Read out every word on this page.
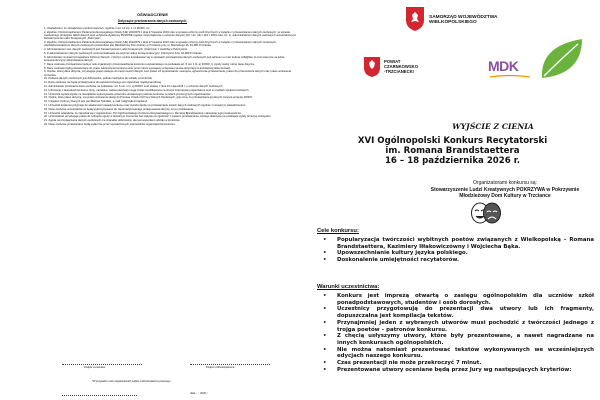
OŚWIADCZENIE
Dotyczące przetwarzania danych osobowych:
1. Oświadczam, że zostałam/em poinformowana/y, zgodnie z art. 13 ust. 1 i 2 RODO, że:
2. Zgodnie z Rozporządzeniem Parlamentu Europejskiego i Rady (UE) 2016/679 z dnia 27 kwietnia 2016 roku w sprawie ochrony osób fizycznych w związku z przetwarzaniem danych osobowych i w sprawie swobodnego przepływu takich danych oraz uchylenia dyrektywy 95/46/WE (ogólne rozporządzenie o ochronie danych) (Dz. Urz. UE L 119 z 2016 roku, str. 1), administratorem danych osobowych uczestników jest Stowarzyszenie Ludzi Kreatywnych „Pokrzywa”.
3. Zgodnie z Rozporządzeniem Parlamentu Europejskiego i Rady (UE) 2016/679 z dnia 27 kwietnia 2016 roku w sprawie ochrony osób fizycznych w związku z przetwarzaniem danych osobowych, współadministratorem danych osobowych uczestników jest Młodzieżowy Dom Kultury w Trzciance przy ul. Sikorskiego 36, 64-980 Trzcianka.
4. Administratorem ww. danych osobowych jest Stowarzyszenie Ludzi Kreatywnych „Pokrzywa” z siedzibą w Pokrzywnie.
5. Z administratorem danych osobowych może kontaktować się poprzez adres korespondencyjny: Pokrzywno 12a, 64-980 Trzcianka.
6. Administrator wyznaczył Inspektora Ochrony Danych, z którym można kontaktować się w sprawach przetwarzania danych osobowych pod adresem e-mail: kultura.mdk@tlen.pl oraz pisemnie na adres korespondencyjny administratora danych.
7. Dane osobowe przetwarzane będą w celu organizacji i przeprowadzenia konkursu recytatorskiego na podstawie art. 6 ust. 1 lit. a) RODO, tj. zgody osoby, której dane dotyczą.
8. Dane osobowe będą przetwarzane do czasu zakończenia konkursu oraz przez okres wymagany przepisami prawa dotyczącymi archiwizacji dokumentacji.
9. Osobie, której dane dotyczą, przysługuje prawo dostępu do treści swoich danych oraz prawo ich sprostowania, usunięcia, ograniczenia przetwarzania, prawo do przenoszenia danych oraz prawo wniesienia sprzeciwu.
10. Podanie danych osobowych jest dobrowolne, jednak niezbędne do udziału w konkursie.
11. Dane osobowe nie będą przekazywane do państwa trzeciego ani organizacji międzynarodowej.
12. Administrator przetwarza dane osobowe na podstawie: art. 6 ust. 1 lit. a) RODO oraz ustawy z dnia 10 maja 2018 r. o ochronie danych osobowych.
13. Informacje o laureatach konkursu (imię, nazwisko, nazwa placówki) mogą zostać opublikowane na stronie internetowej organizatora oraz w mediach społecznościowych.
14. Uczestnik wyraża zgodę na nieodpłatne wykorzystanie wizerunku utrwalonego podczas konkursu w celach promocyjnych organizatorów.
15. Osoba, której dane dotyczą, ma prawo wniesienia skargi do Prezesa Urzędu Ochrony Danych Osobowych, gdy uzna, że przetwarzanie jej danych narusza przepisy RODO.
16. Inspektor Ochrony Danych jest pan Bartosz Sobolski, e-mail: iod@mdk.trzcianka.pl
17. Uczestnik konkursu przyjmuje do wiadomości zasady konkursu oraz wyraża zgodę na przetwarzanie swoich danych osobowych zgodnie z niniejszym oświadczeniem.
18. Dane osobowe uczestników nie będą wykorzystywane do zautomatyzowanego podejmowania decyzji, w tym profilowania.
19. Uczestnik oświadcza, że zapoznał się z regulaminem XVI Ogólnopolskiego Konkursu Recytatorskiego im. Romana Brandstaettera i akceptuje jego postanowienia.
20. Uczestnikowi przysługuje prawo do cofnięcia zgody w dowolnym momencie bez wpływu na zgodność z prawem przetwarzania, którego dokonano na podstawie zgody przed jej cofnięciem.
21. Zgoda na przetwarzanie danych osobowych ma charakter dobrowolny, ale jest warunkiem udziału w konkursie.
22. Dane osobowe przetwarzane będą wyłącznie przez upoważnionych pracowników organizatorów konkursu.
Podpis uczestnika	Podpis rodzica/opiekuna
*W przypadku osób niepełnoletnich podpis rodzica/opiekuna prawnego
data ..... 2026 r.
SAMORZĄD WOJEWÓDZTWA
WIELKOPOLSKIEGO
POWIAT
CZARNKOWSKO
-TRZCIANECKI	MDK
WYJŚCIE Z CIENIA
XVI Ogólnopolski Konkurs Recytatorski
im. Romana Brandstaettera
16 – 18 października 2026 r.
Organizatorami konkursu są:
Stowarzyszenie Ludzi Kreatywnych POKRZYWA w Pokrzywnie
Młodzieżowy Dom Kultury w Trzciance
Cele konkursu:
• Popularyzacja twórczości wybitnych poetów związanych z Wielkopolską – Romana Brandstaettera, Kazimiery Iłłakowiczówny i Wojciecha Bąka.
• Upowszechnianie kultury języka polskiego.
• Doskonalenie umiejętności recytatorów.
Warunki uczestnictwa:
• Konkurs jest imprezą otwartą o zasięgu ogólnopolskim dla uczniów szkół ponadpodstawowych, studentów i osób dorosłych.
• Uczestnicy przygotowują do prezentacji dwa utwory lub ich fragmenty, dopuszczalna jest kompilacja tekstów.
• Przynajmniej jeden z wybranych utworów musi pochodzić z twórczości jednego z trojga poetów – patronów konkursu.
• Z chęcią usłyszymy utwory, które były prezentowane, a nawet nagradzane na innych konkursach ogólnopolskich.
• Nie można natomiast prezentować tekstów wykonywanych we wcześniejszych edycjach naszego konkursu.
• Czas prezentacji nie może przekroczyć 7 minut.
• Prezentowane utwory oceniane będą przez Jury wg następujących kryteriów:
